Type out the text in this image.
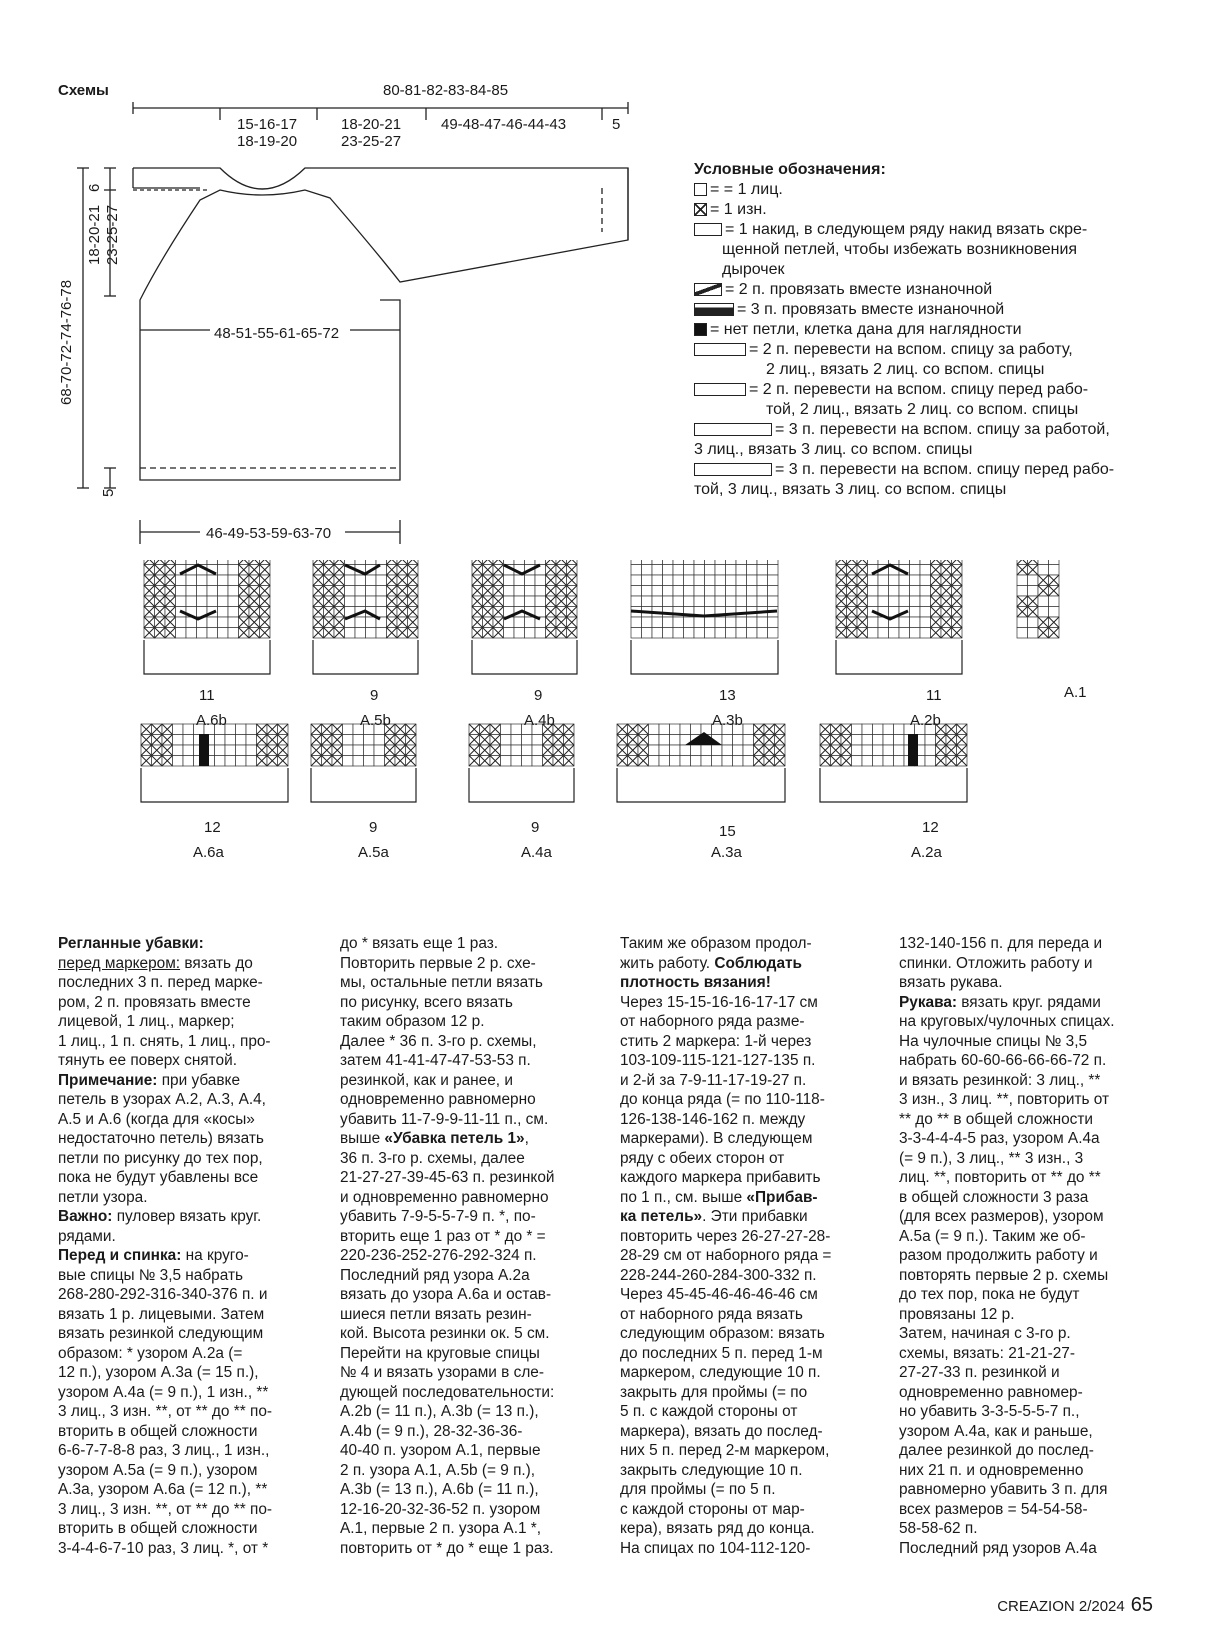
Схемы	80-81-82-83-84-85
15-16-17
18-19-20
18-20-21
23-25-27
49-48-47-46-44-43	5
6
18-20-21 23-25-27
68-70-72-74-76-78
5
48-51-55-61-65-72
46-49-53-59-63-70
Условные обозначения:
= = 1 лиц.
= 1 изн.
= 1 накид, в следующем ряду накид вязать скре-
щенной петлей, чтобы избежать возникновения
дырочек
= 2 п. провязать вместе изнаночной
= 3 п. провязать вместе изнаночной
= нет петли, клетка дана для наглядности
= 2 п. перевести на вспом. спицу за работу,
2 лиц., вязать 2 лиц. со вспом. спицы
= 2 п. перевести на вспом. спицу перед рабо-
той, 2 лиц., вязать 2 лиц. со вспом. спицы
= 3 п. перевести на вспом. спицу за работой,
3 лиц., вязать 3 лиц. со вспом. спицы
= 3 п. перевести на вспом. спицу перед рабо-
той, 3 лиц., вязать 3 лиц. со вспом. спицы
11
A.6b
9
A.5b
9
A.4b
13
A.3b
11
A.2b
A.1
12
A.6a
9
A.5a
9
A.4a
15
A.3a
12
A.2a
Регланные убавки:
перед маркером: вязать до
последних 3 п. перед марке-
ром, 2 п. провязать вместе
лицевой, 1 лиц., маркер;
1 лиц., 1 п. снять, 1 лиц., про-
тянуть ее поверх снятой.
Примечание: при убавке
петель в узорах А.2, А.3, А.4,
А.5 и А.6 (когда для «косы»
недостаточно петель) вязать
петли по рисунку до тех пор,
пока не будут убавлены все
петли узора.
Важно: пуловер вязать круг.
рядами.
Перед и спинка: на круго-
вые спицы № 3,5 набрать
268-280-292-316-340-376 п. и
вязать 1 р. лицевыми. Затем
вязать резинкой следующим
образом: * узором А.2а (=
12 п.), узором А.3а (= 15 п.),
узором А.4а (= 9 п.), 1 изн., **
3 лиц., 3 изн. **, от ** до ** по-
вторить в общей сложности
6-6-7-7-8-8 раз, 3 лиц., 1 изн.,
узором А.5а (= 9 п.), узором
А.3а, узором А.6а (= 12 п.), **
3 лиц., 3 изн. **, от ** до ** по-
вторить в общей сложности
3-4-4-6-7-10 раз, 3 лиц. *, от *
до * вязать еще 1 раз.
Повторить первые 2 р. схе-
мы, остальные петли вязать
по рисунку, всего вязать
таким образом 12 р.
Далее * 36 п. 3-го р. схемы,
затем 41-41-47-47-53-53 п.
резинкой, как и ранее, и
одновременно равномерно
убавить 11-7-9-9-11-11 п., см.
выше «Убавка петель 1»,
36 п. 3-го р. схемы, далее
21-27-27-39-45-63 п. резинкой
и одновременно равномерно
убавить 7-9-5-5-7-9 п. *, по-
вторить еще 1 раз от * до * =
220-236-252-276-292-324 п.
Последний ряд узора А.2а
вязать до узора А.6а и остав-
шиеся петли вязать резин-
кой. Высота резинки ок. 5 см.
Перейти на круговые спицы
№ 4 и вязать узорами в сле-
дующей последовательности:
А.2b (= 11 п.), А.3b (= 13 п.),
А.4b (= 9 п.), 28-32-36-36-
40-40 п. узором А.1, первые
2 п. узора А.1, А.5b (= 9 п.),
А.3b (= 13 п.), А.6b (= 11 п.),
12-16-20-32-36-52 п. узором
А.1, первые 2 п. узора А.1 *,
повторить от * до * еще 1 раз.
Таким же образом продол-
жить работу. Соблюдать
плотность вязания!
Через 15-15-16-16-17-17 см
от наборного ряда разме-
стить 2 маркера: 1-й через
103-109-115-121-127-135 п.
и 2-й за 7-9-11-17-19-27 п.
до конца ряда (= по 110-118-
126-138-146-162 п. между
маркерами). В следующем
ряду с обеих сторон от
каждого маркера прибавить
по 1 п., см. выше «Прибав-
ка петель». Эти прибавки
повторить через 26-27-27-28-
28-29 см от наборного ряда =
228-244-260-284-300-332 п.
Через 45-45-46-46-46-46 см
от наборного ряда вязать
следующим образом: вязать
до последних 5 п. перед 1-м
маркером, следующие 10 п.
закрыть для проймы (= по
5 п. с каждой стороны от
маркера), вязать до послед-
них 5 п. перед 2-м маркером,
закрыть следующие 10 п.
для проймы (= по 5 п.
с каждой стороны от мар-
кера), вязать ряд до конца.
На спицах по 104-112-120-
132-140-156 п. для переда и
спинки. Отложить работу и
вязать рукава.
Рукава: вязать круг. рядами
на круговых/чулочных спицах.
На чулочные спицы № 3,5
набрать 60-60-66-66-66-72 п.
и вязать резинкой: 3 лиц., **
3 изн., 3 лиц. **, повторить от
** до ** в общей сложности
3-3-4-4-4-5 раз, узором А.4а
(= 9 п.), 3 лиц., ** 3 изн., 3
лиц. **, повторить от ** до **
в общей сложности 3 раза
(для всех размеров), узором
А.5а (= 9 п.). Таким же об-
разом продолжить работу и
повторять первые 2 р. схемы
до тех пор, пока не будут
провязаны 12 р.
Затем, начиная с 3-го р.
схемы, вязать: 21-21-27-
27-27-33 п. резинкой и
одновременно равномер-
но убавить 3-3-5-5-5-7 п.,
узором А.4а, как и раньше,
далее резинкой до послед-
них 21 п. и одновременно
равномерно убавить 3 п. для
всех размеров = 54-54-58-
58-58-62 п.
Последний ряд узоров А.4а
CREAZION 2/2024 65
